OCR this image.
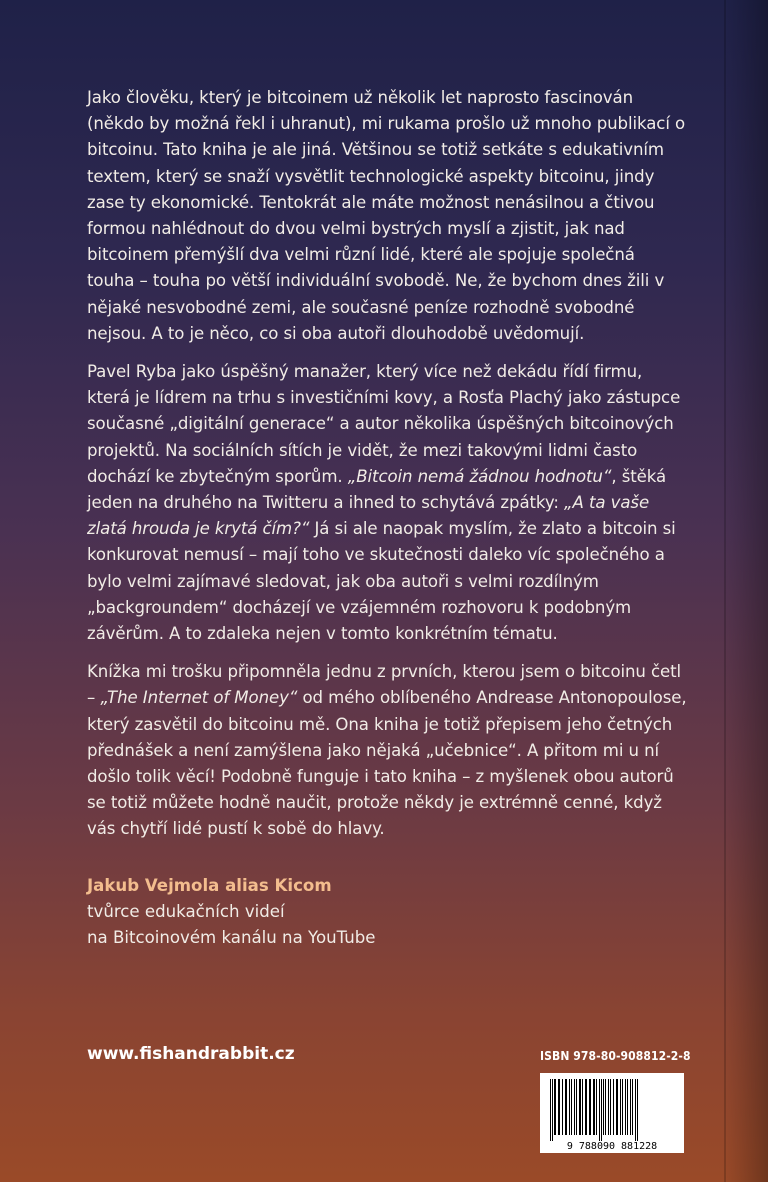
Jako člověku, který je bitcoinem už několik let naprosto fascinován (někdo by možná řekl i uhranut), mi rukama prošlo už mnoho publikací o bitcoinu. Tato kniha je ale jiná. Většinou se totiž setkáte s edukativním textem, který se snaží vysvětlit technologické aspekty bitcoinu, jindy zase ty ekonomické. Tentokrát ale máte možnost nenásilnou a čtivou formou nahlédnout do dvou velmi bystrých myslí a zjistit, jak nad bitcoinem přemýšlí dva velmi různí lidé, které ale spojuje společná touha – touha po větší individuální svobodě. Ne, že bychom dnes žili v nějaké nesvobodné zemi, ale současné peníze rozhodně svobodné nejsou. A to je něco, co si oba autoři dlouhodobě uvědomují.

Pavel Ryba jako úspěšný manažer, který více než dekádu řídí firmu, která je lídrem na trhu s investičními kovy, a Rosťa Plachý jako zástupce současné „digitální generace“ a autor několika úspěšných bitcoinových projektů. Na sociálních sítích je vidět, že mezi takovými lidmi často dochází ke zbytečným sporům. „Bitcoin nemá žádnou hodnotu“, štěká jeden na druhého na Twitteru a ihned to schytává zpátky: „A ta vaše zlatá hrouda je krytá čím?“ Já si ale naopak myslím, že zlato a bitcoin si konkurovat nemusí – mají toho ve skutečnosti daleko víc společného a bylo velmi zajímavé sledovat, jak oba autoři s velmi rozdílným „backgroundem“ docházejí ve vzájemném rozhovoru k podobným závěrům. A to zdaleka nejen v tomto konkrétním tématu.

Knížka mi trošku připomněla jednu z prvních, kterou jsem o bitcoinu četl – „The Internet of Money“ od mého oblíbeného Andrease Antonopoulose, který zasvětil do bitcoinu mě. Ona kniha je totiž přepisem jeho četných přednášek a není zamýšlena jako nějaká „učebnice“. A přitom mi u ní došlo tolik věcí! Podobně funguje i tato kniha – z myšlenek obou autorů se totiž můžete hodně naučit, protože někdy je extrémně cenné, když vás chytří lidé pustí k sobě do hlavy.

Jakub Vejmola alias Kicom
tvůrce edukačních videí
na Bitcoinovém kanálu na YouTube
www.fishandrabbit.cz	ISBN 978-80-908812-2-8
9 788090 881228
